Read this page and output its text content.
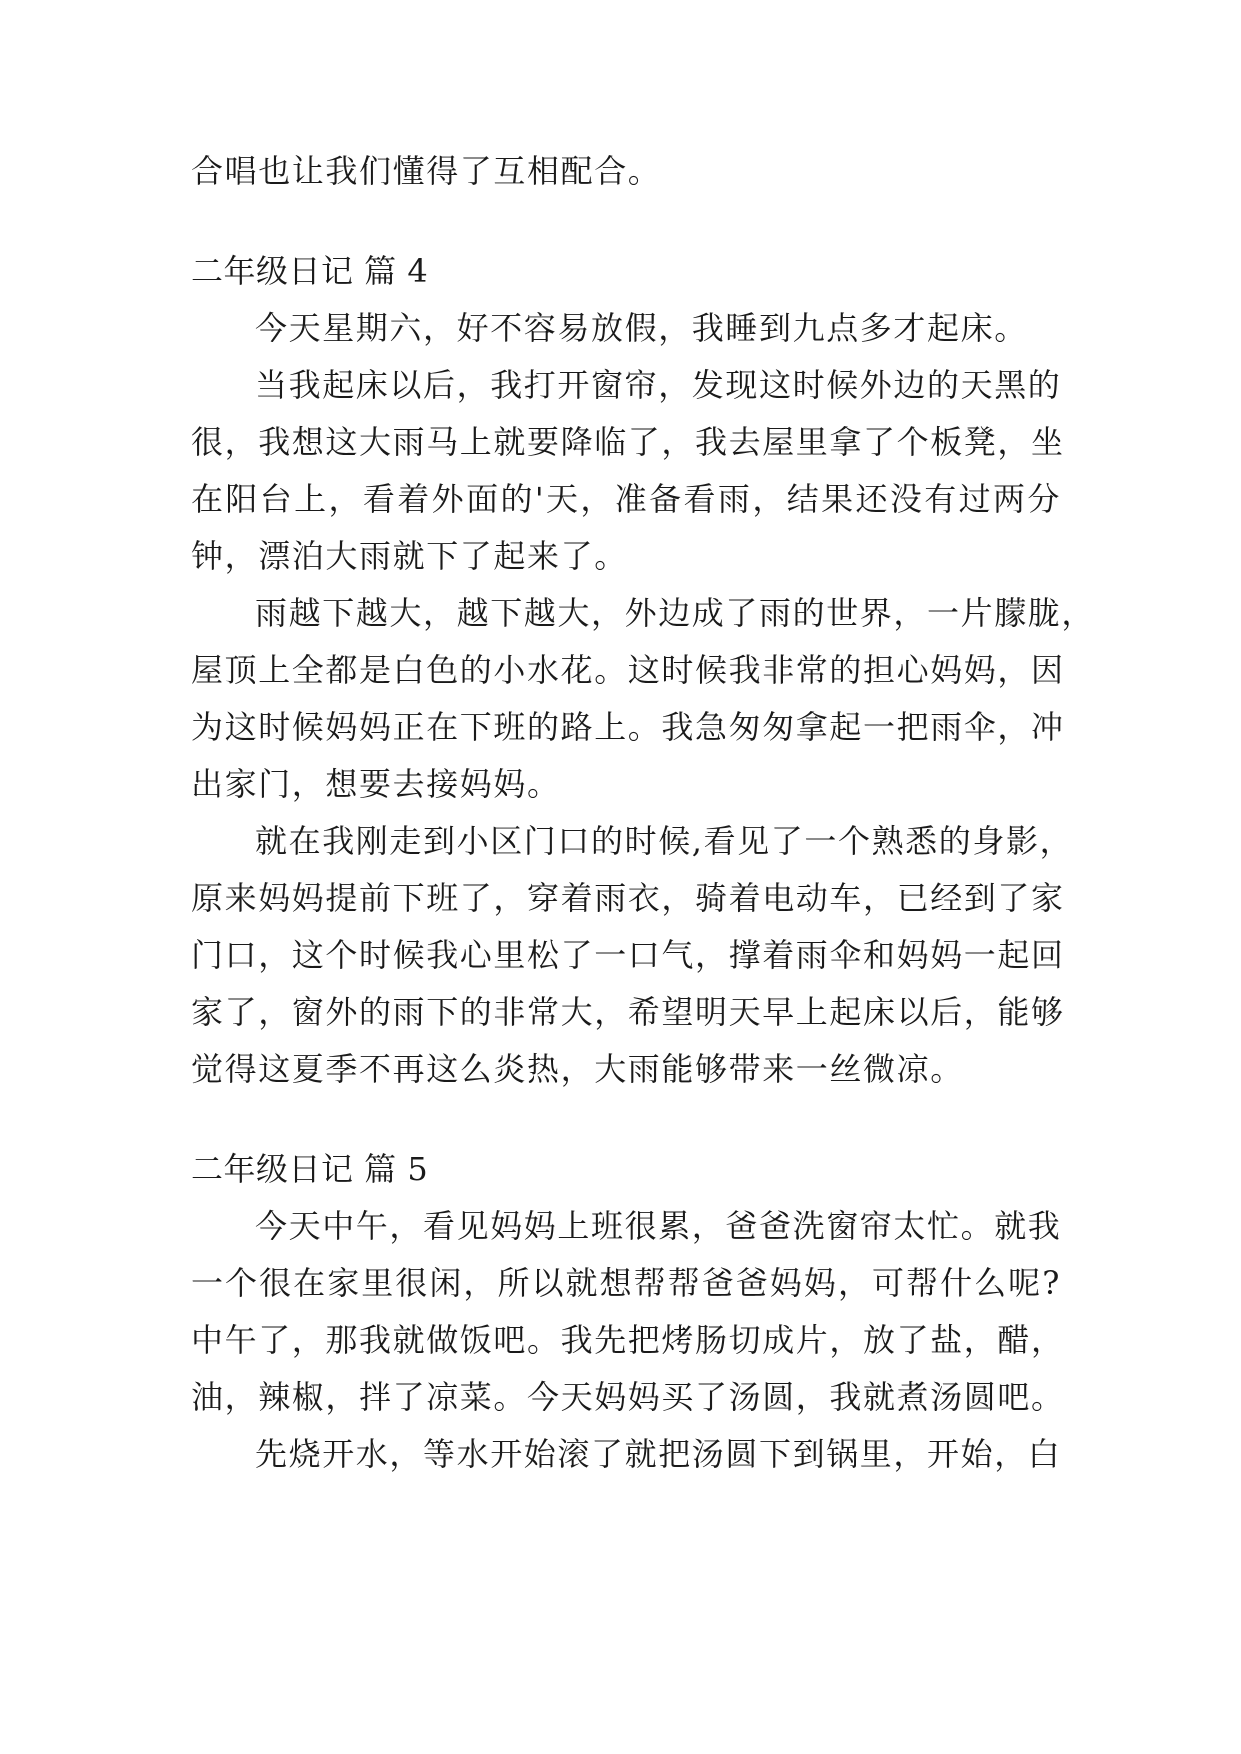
合唱也让我们懂得了互相配合。
二年级日记 篇 4
今天星期六，好不容易放假，我睡到九点多才起床。
当我起床以后，我打开窗帘，发现这时候外边的天黑的
很，我想这大雨马上就要降临了，我去屋里拿了个板凳，坐
在阳台上，看着外面的'天，准备看雨，结果还没有过两分
钟，漂泊大雨就下了起来了。
雨越下越大，越下越大，外边成了雨的世界，一片朦胧，
屋顶上全都是白色的小水花。这时候我非常的担心妈妈，因
为这时候妈妈正在下班的路上。我急匆匆拿起一把雨伞，冲
出家门，想要去接妈妈。
就在我刚走到小区门口的时候,看见了一个熟悉的身影，
原来妈妈提前下班了，穿着雨衣，骑着电动车，已经到了家
门口，这个时候我心里松了一口气，撑着雨伞和妈妈一起回
家了，窗外的雨下的非常大，希望明天早上起床以后，能够
觉得这夏季不再这么炎热，大雨能够带来一丝微凉。
二年级日记 篇 5
今天中午，看见妈妈上班很累，爸爸洗窗帘太忙。就我
一个很在家里很闲，所以就想帮帮爸爸妈妈，可帮什么呢?
中午了，那我就做饭吧。我先把烤肠切成片，放了盐，醋，
油，辣椒，拌了凉菜。今天妈妈买了汤圆，我就煮汤圆吧。
先烧开水，等水开始滚了就把汤圆下到锅里，开始，白
